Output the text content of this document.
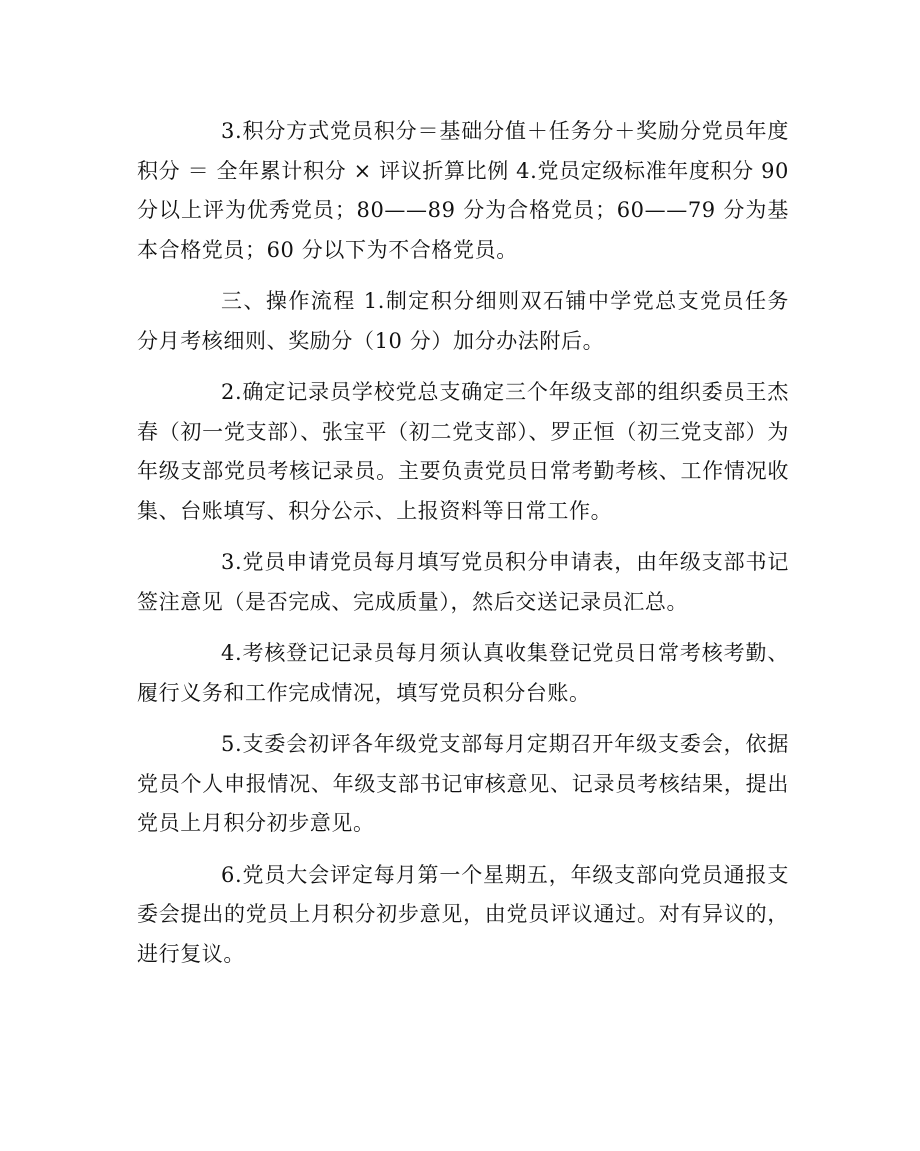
3.积分方式党员积分＝基础分值＋任务分＋奖励分党员年度积分 ＝ 全年累计积分 × 评议折算比例 4.党员定级标准年度积分 90 分以上评为优秀党员；80——89 分为合格党员；60——79 分为基本合格党员；60 分以下为不合格党员。

三、操作流程 1.制定积分细则双石铺中学党总支党员任务分月考核细则、奖励分（10 分）加分办法附后。

2.确定记录员学校党总支确定三个年级支部的组织委员王杰春（初一党支部）、张宝平（初二党支部）、罗正恒（初三党支部）为年级支部党员考核记录员。主要负责党员日常考勤考核、工作情况收集、台账填写、积分公示、上报资料等日常工作。

3.党员申请党员每月填写党员积分申请表，由年级支部书记签注意见（是否完成、完成质量），然后交送记录员汇总。

4.考核登记记录员每月须认真收集登记党员日常考核考勤、履行义务和工作完成情况，填写党员积分台账。

5.支委会初评各年级党支部每月定期召开年级支委会，依据党员个人申报情况、年级支部书记审核意见、记录员考核结果，提出党员上月积分初步意见。

6.党员大会评定每月第一个星期五，年级支部向党员通报支委会提出的党员上月积分初步意见，由党员评议通过。对有异议的，进行复议。
